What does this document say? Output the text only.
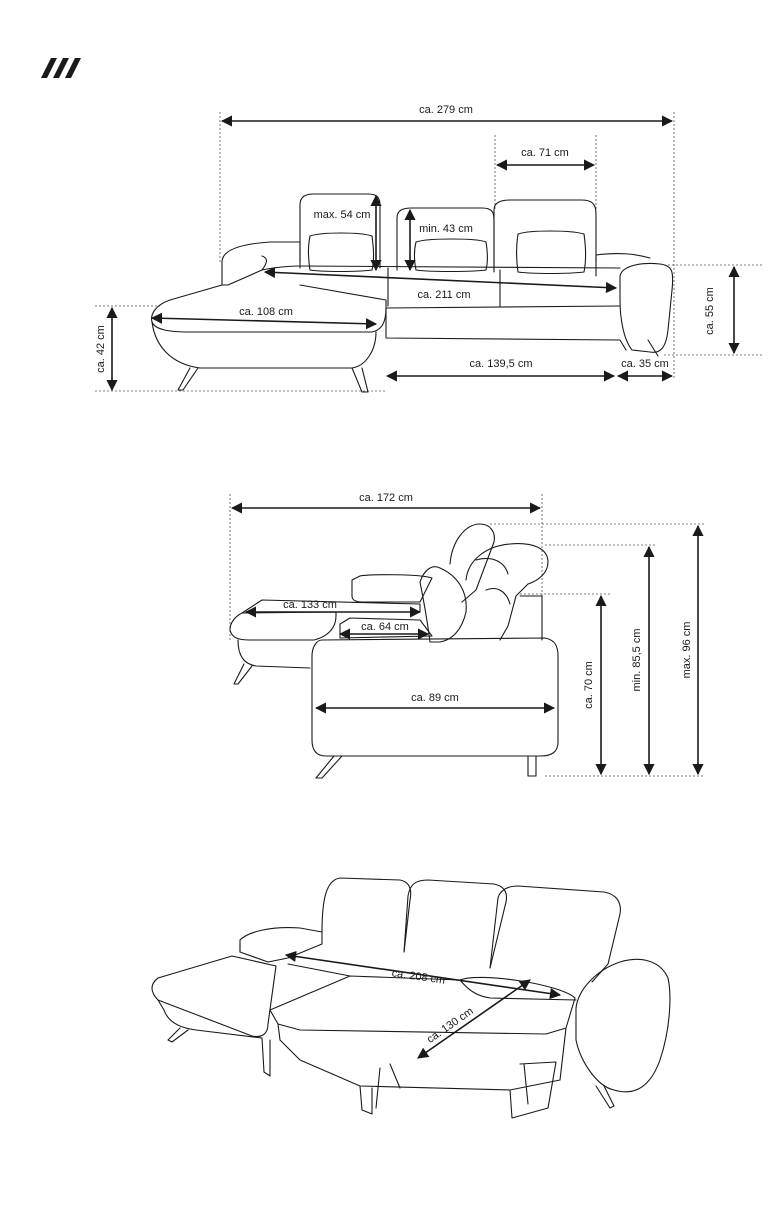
ca. 279 cm
ca. 71 cm
max. 54 cm
min. 43 cm
ca. 211 cm
ca. 108 cm
ca. 42 cm
ca. 55 cm
ca. 139,5 cm	ca. 35 cm
ca. 172 cm
ca. 133 cm
ca. 64 cm
ca. 89 cm	ca. 70 cm	min. 85,5 cm	max. 96 cm
ca. 208 cm
ca. 130 cm
